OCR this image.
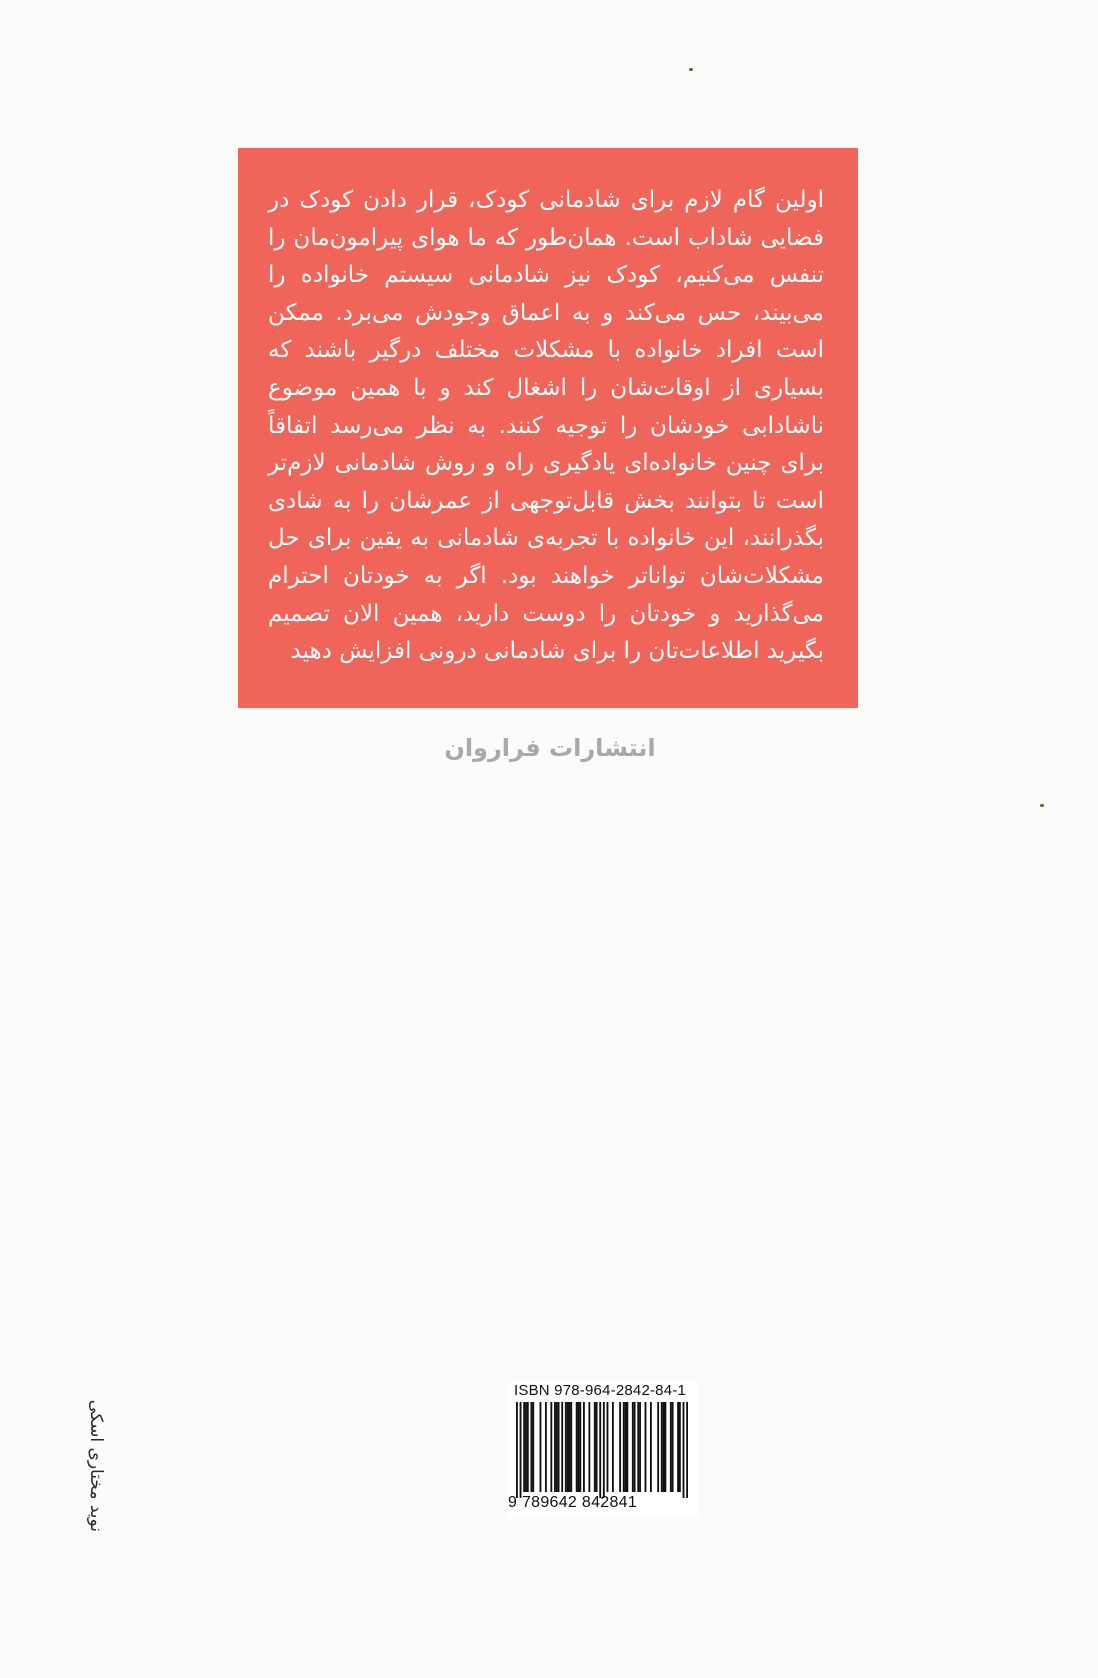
اولین گام لازم برای شادمانی کودک، قرار دادن کودک در فضایی شاداب است. همان‌طور که ما هوای پیرامون‌مان را تنفس می‌کنیم، کودک نیز شادمانی سیستم خانواده را می‌بیند، حس می‌کند و به اعماق وجودش می‌برد. ممکن است افراد خانواده با مشکلات مختلف درگیر باشند که بسیاری از اوقات‌شان را اشغال کند و با همین موضوع ناشادابی خودشان را توجیه کنند. به نظر می‌رسد اتفاقاً برای چنین خانواده‌ای یادگیری راه و روش شادمانی لازم‌تر است تا بتوانند بخش قابل‌توجهی از عمرشان را به شادی بگذرانند، این خانواده با تجربه‌ی شادمانی به یقین برای حل مشکلات‌شان تواناتر خواهند بود. اگر به خودتان احترام می‌گذارید و خودتان را دوست دارید، همین الان تصمیم بگیرید اطلاعات‌تان را برای شادمانی درونی افزایش دهید

انتشارات فراروان
نوید مختاری اسکی
ISBN 978-964-2842-84-1
9 789642 842841
